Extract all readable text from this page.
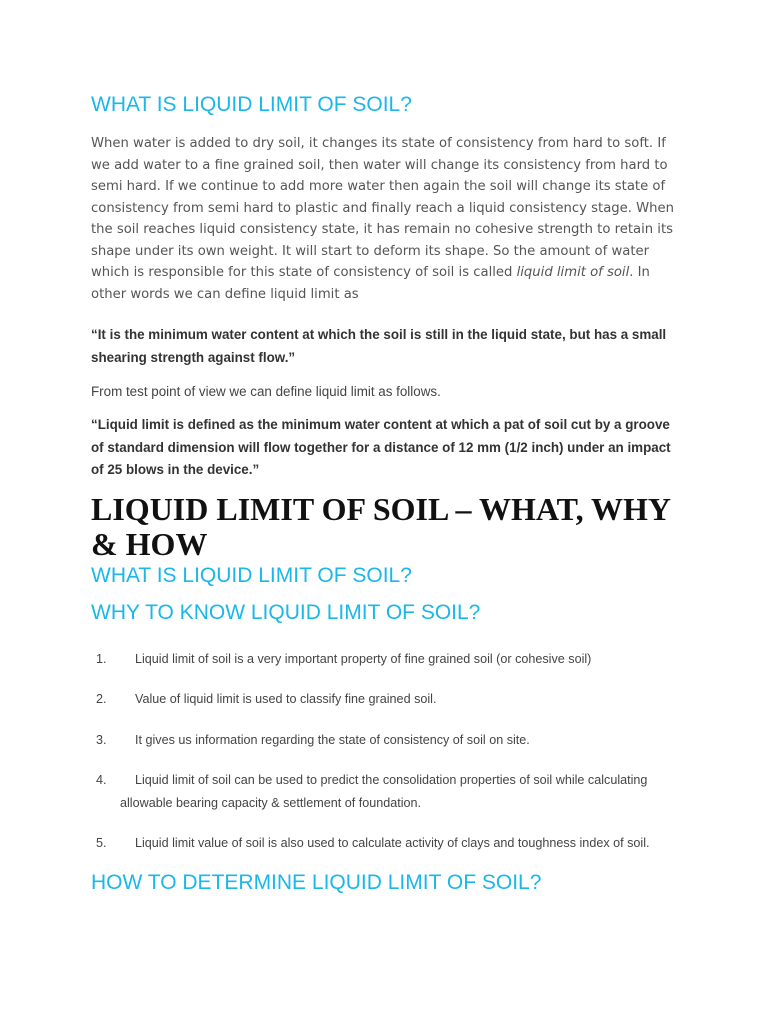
WHAT IS LIQUID LIMIT OF SOIL?

When water is added to dry soil, it changes its state of consistency from hard to soft. If we add water to a fine grained soil, then water will change its consistency from hard to semi hard. If we continue to add more water then again the soil will change its state of consistency from semi hard to plastic and finally reach a liquid consistency stage. When the soil reaches liquid consistency state, it has remain no cohesive strength to retain its shape under its own weight. It will start to deform its shape. So the amount of water which is responsible for this state of consistency of soil is called liquid limit of soil. In other words we can define liquid limit as

“It is the minimum water content at which the soil is still in the liquid state, but has a small shearing strength against flow.”

From test point of view we can define liquid limit as follows.

“Liquid limit is defined as the minimum water content at which a pat of soil cut by a groove of standard dimension will flow together for a distance of 12 mm (1/2 inch) under an impact of 25 blows in the device.”

LIQUID LIMIT OF SOIL – WHAT, WHY & HOW
WHAT IS LIQUID LIMIT OF SOIL?
WHY TO KNOW LIQUID LIMIT OF SOIL?
1. Liquid limit of soil is a very important property of fine grained soil (or cohesive soil)
2. Value of liquid limit is used to classify fine grained soil.
3. It gives us information regarding the state of consistency of soil on site.
4. Liquid limit of soil can be used to predict the consolidation properties of soil while calculating
allowable bearing capacity & settlement of foundation.
5. Liquid limit value of soil is also used to calculate activity of clays and toughness index of soil.
HOW TO DETERMINE LIQUID LIMIT OF SOIL?
